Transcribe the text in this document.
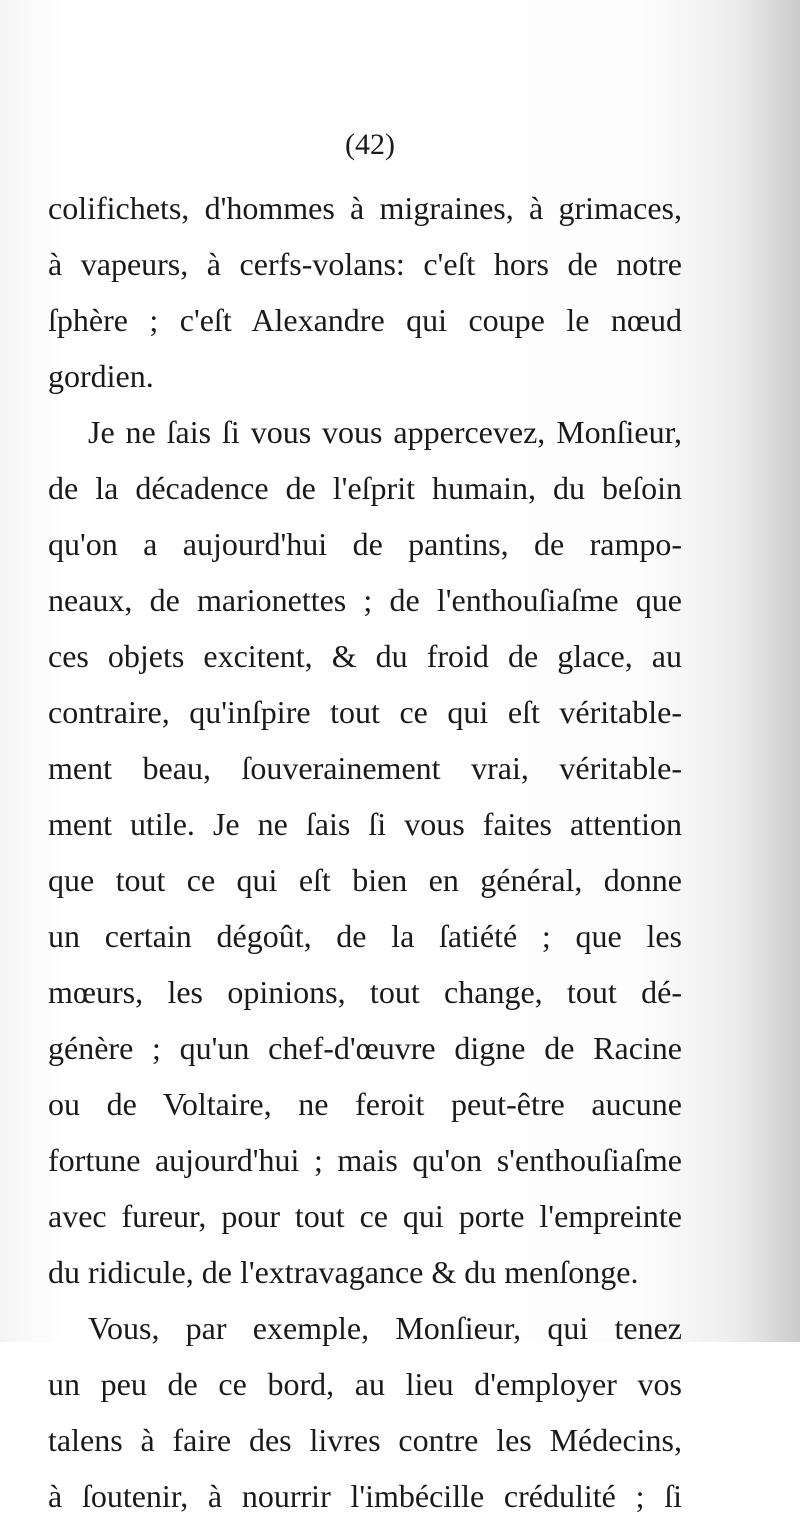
(42)
colifichets, d'hommes à migraines, à grimaces,
à vapeurs, à cerfs-volans: c'eſt hors de notre
ſphère ; c'eſt Alexandre qui coupe le nœud
gordien.
Je ne ſais ſi vous vous appercevez, Monſieur,
de la décadence de l'eſprit humain, du beſoin
qu'on a aujourd'hui de pantins, de rampo-
neaux, de marionettes ; de l'enthouſiaſme que
ces objets excitent, & du froid de glace, au
contraire, qu'inſpire tout ce qui eſt véritable-
ment beau, ſouverainement vrai, véritable-
ment utile. Je ne ſais ſi vous faites attention
que tout ce qui eſt bien en général, donne
un certain dégoût, de la ſatiété ; que les
mœurs, les opinions, tout change, tout dé-
génère ; qu'un chef-d'œuvre digne de Racine
ou de Voltaire, ne feroit peut-être aucune
fortune aujourd'hui ; mais qu'on s'enthouſiaſme
avec fureur, pour tout ce qui porte l'empreinte
du ridicule, de l'extravagance & du menſonge.
Vous, par exemple, Monſieur, qui tenez
un peu de ce bord, au lieu d'employer vos
talens à faire des livres contre les Médecins,
à ſoutenir, à nourrir l'imbécille crédulité ; ſi
